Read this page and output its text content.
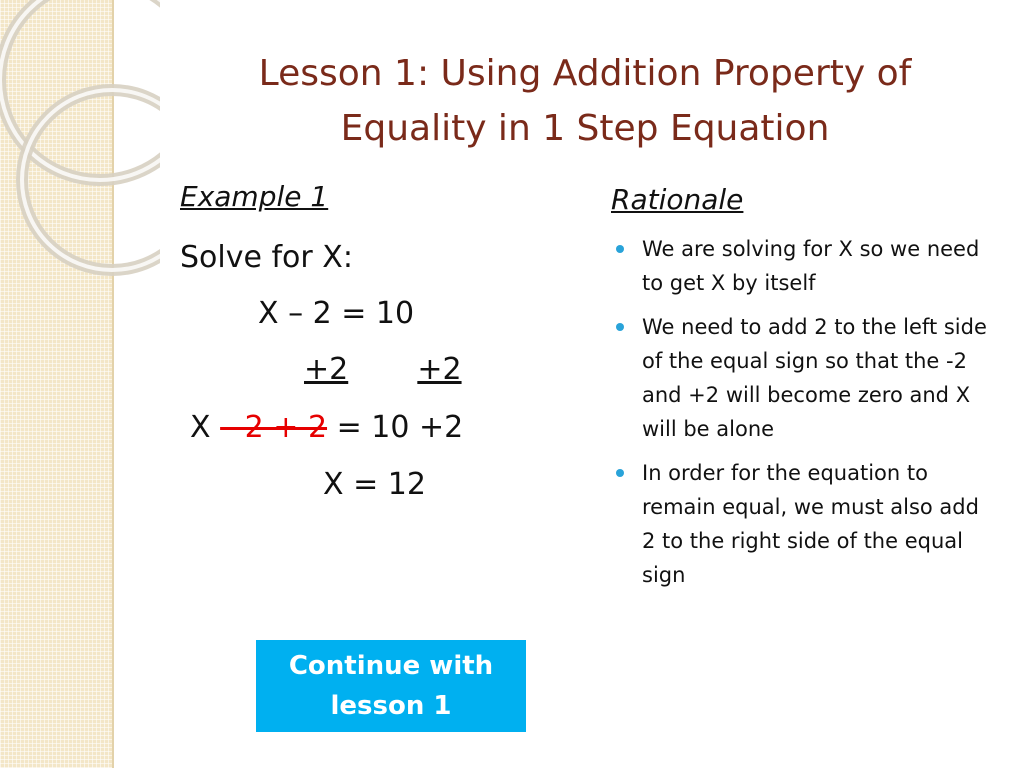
Lesson 1: Using Addition Property of
Equality in 1 Step Equation
Example 1
Solve for X:
X – 2 = 10
+2 +2
X – 2 + 2 = 10 +2
X = 12
Rationale
We are solving for X so we need to get X by itself
We need to add 2 to the left side of the equal sign so that the -2 and +2 will become zero and X will be alone
In order for the equation to remain equal, we must also add 2 to the right side of the equal sign
Continue with
lesson 1
